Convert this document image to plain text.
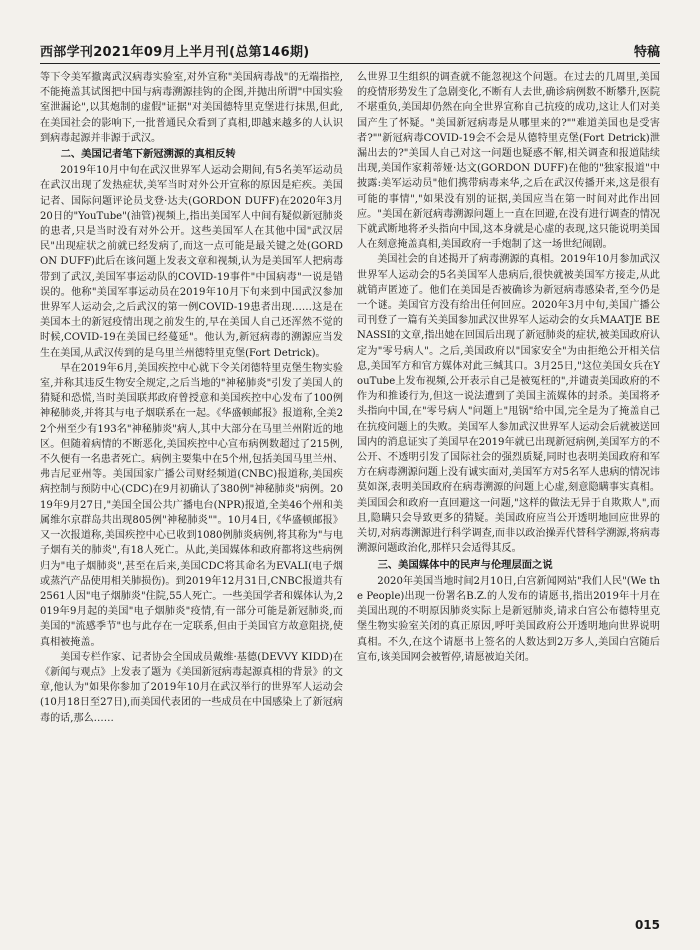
西部学刊2021年09月上半月刊(总第146期)	特稿

等下令美军撤离武汉病毒实验室,对外宣称"美国病毒战"的无端指控,不能掩盖其试图把中国与病毒溯源挂钩的企图,并抛出所谓"中国实验室泄漏论",以其炮制的虚假"证据"对美国德特里克堡进行抹黑,但此,在美国社会的影响下,一批普通民众看到了真相,即越来越多的人认识到病毒起源并非源于武汉。

二、美国记者笔下新冠溯源的真相反转

2019年10月中旬在武汉世界军人运动会期间,有5名美军运动员在武汉出现了发热症状,美军当时对外公开宣称的原因是疟疾。美国记者、国际问题评论员戈登·达夫(GORDON DUFF)在2020年3月20日的"YouTube"(油管)视频上,指出美国军人中间有疑似新冠肺炎的患者,只是当时没有对外公开。这些美国军人在其他中国"武汉居民"出现症状之前就已经发病了,而这一点可能是最关键之处(GORDON DUFF)此后在该问题上发表文章和视频,认为是美国军人把病毒带到了武汉,美国军事运动队的COVID-19事件"中国病毒"一说是错误的。他称"美国军事运动员在2019年10月下旬来到中国武汉参加世界军人运动会,之后武汉的第一例COVID-19患者出现……这是在美国本土的新冠疫情出现之前发生的,早在美国人自己还浑然不觉的时候,COVID-19在美国已经蔓延"。他认为,新冠病毒的溯源应当发生在美国,从武汉传到的是乌里兰州德特里克堡(Fort Detrick)。

早在2019年6月,美国疾控中心就下令关闭德特里克堡生物实验室,并称其违反生物安全规定,之后当地的"神秘肺炎"引发了美国人的猜疑和恐慌,当时美国联邦政府曾授意和美国疾控中心发布了100例神秘肺炎,并将其与电子烟联系在一起。《华盛顿邮报》报道称,全美22个州至少有193名"神秘肺炎"病人,其中大部分在马里兰州附近的地区。但随着病情的不断恶化,美国疾控中心宣布病例数超过了215例,不久便有一名患者死亡。病例主要集中在5个州,包括美国马里兰州、弗吉尼亚州等。美国国家广播公司财经频道(CNBC)报道称,美国疾病控制与预防中心(CDC)在9月初确认了380例"神秘肺炎"病例。2019年9月27日,"美国全国公共广播电台(NPR)报道,全美46个州和美属维尔京群岛共出现805例"神秘肺炎""。10月4日,《华盛顿邮报》又一次报道称,美国疾控中心已收到1080例肺炎病例,将其称为"与电子烟有关的肺炎",有18人死亡。从此,美国媒体和政府都将这些病例归为"电子烟肺炎",甚至在后来,美国CDC将其命名为EVALI(电子烟或蒸汽产品使用相关肺损伤)。到2019年12月31日,CNBC报道共有2561人因"电子烟肺炎"住院,55人死亡。一些美国学者和媒体认为,2019年9月起的美国"电子烟肺炎"疫情,有一部分可能是新冠肺炎,而美国的"流感季节"也与此存在一定联系,但由于美国官方故意阻挠,使真相被掩盖。

美国专栏作家、记者协会全国成员戴维·基德(DEVVY KIDD)在《新闻与观点》上发表了题为《美国新冠病毒起源真相的背景》的文章,他认为"如果你参加了2019年10月在武汉举行的世界军人运动会(10月18日至27日),而美国代表团的一些成员在中国感染上了新冠病毒的话,那么……

么世界卫生组织的调查就不能忽视这个问题。在过去的几周里,美国的疫情形势发生了急剧变化,不断有人去世,确诊病例数不断攀升,医院不堪重负,美国却仍然在向全世界宣称自己抗疫的成功,这让人们对美国产生了怀疑。"美国新冠病毒是从哪里来的?""难道美国也是受害者?""新冠病毒COVID-19会不会是从德特里克堡(Fort Detrick)泄漏出去的?"美国人自己对这一问题也疑惑不解,相关调查和报道陆续出现,美国作家莉蒂娅·达文(GORDON DUFF)在他的"独家报道"中披露:美军运动员"他们携带病毒来华,之后在武汉传播开来,这是很有可能的事情","如果没有别的证据,美国应当在第一时间对此作出回应。"美国在新冠病毒溯源问题上一直在回避,在没有进行调查的情况下就武断地将矛头指向中国,这本身就是心虚的表现,这只能说明美国人在刻意掩盖真相,美国政府一手炮制了这一场世纪闹剧。

美国社会的自述揭开了病毒溯源的真相。2019年10月参加武汉世界军人运动会的5名美国军人患病后,很快就被美国军方接走,从此就销声匿迹了。他们在美国是否被确诊为新冠病毒感染者,至今仍是一个谜。美国官方没有给出任何回应。2020年3月中旬,美国广播公司刊登了一篇有关美国参加武汉世界军人运动会的女兵MAATJE BENASSI的文章,指出她在回国后出现了新冠肺炎的症状,被美国政府认定为"零号病人"。之后,美国政府以"国家安全"为由拒绝公开相关信息,美国军方和官方媒体对此三缄其口。3月25日,"这位美国女兵在YouTube上发布视频,公开表示自己是被冤枉的",并谴责美国政府的不作为和推诿行为,但这一说法遭到了美国主流媒体的封杀。美国将矛头指向中国,在"零号病人"问题上"甩锅"给中国,完全是为了掩盖自己在抗疫问题上的失败。美国军人参加武汉世界军人运动会后就被送回国内的消息证实了美国早在2019年就已出现新冠病例,美国军方的不公开、不透明引发了国际社会的强烈质疑,同时也表明美国政府和军方在病毒溯源问题上没有诚实面对,美国军方对5名军人患病的情况讳莫如深,表明美国政府在病毒溯源的问题上心虚,刻意隐瞒事实真相。美国国会和政府一直回避这一问题,"这样的做法无异于自欺欺人",而且,隐瞒只会导致更多的猜疑。美国政府应当公开透明地回应世界的关切,对病毒溯源进行科学调查,而非以政治操弄代替科学溯源,将病毒溯源问题政治化,那样只会适得其反。

三、美国媒体中的民声与伦理层面之说

2020年美国当地时间2月10日,白宫新闻网站"我们人民"(We the People)出现一份署名B.Z.的人发布的请愿书,指出2019年十月在美国出现的不明原因肺炎实际上是新冠肺炎,请求白宫公布德特里克堡生物实验室关闭的真正原因,呼吁美国政府公开透明地向世界说明真相。不久,在这个请愿书上签名的人数达到2万多人,美国白宫随后宣布,该美国网会被暂停,请愿被迫关闭。

015
